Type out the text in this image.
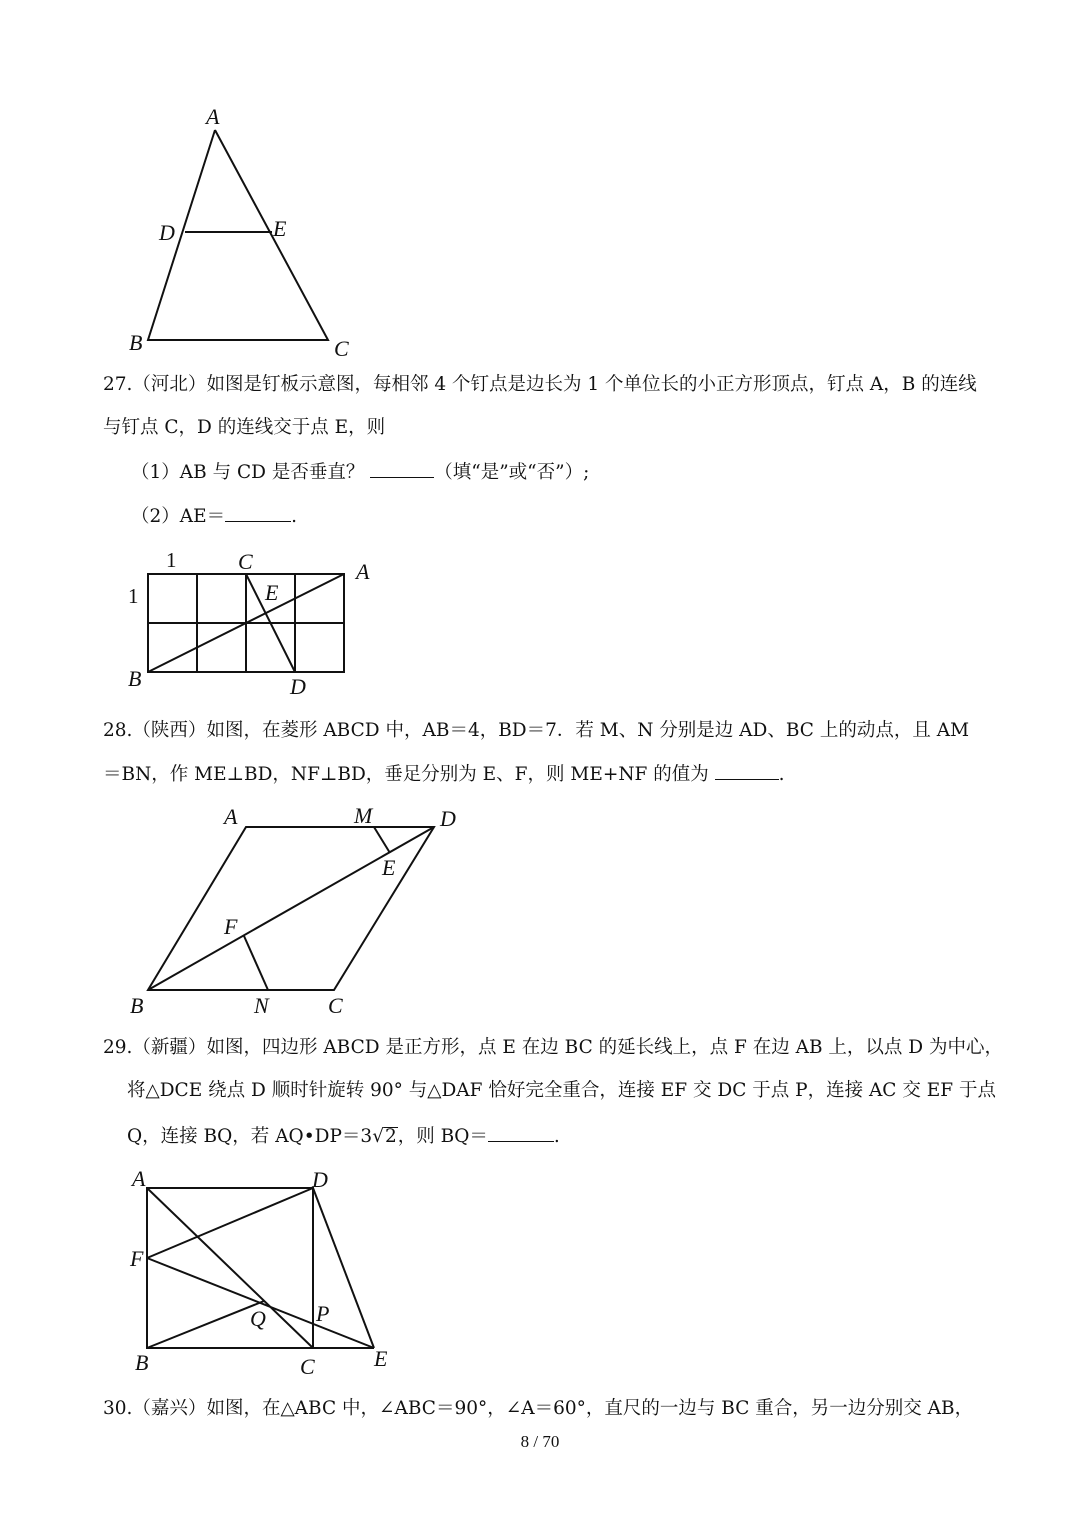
A
D	E
B	C
27.（河北）如图是钉板示意图，每相邻 4 个钉点是边长为 1 个单位长的小正方形顶点，钉点 A，B 的连线
与钉点 C，D 的连线交于点 E，则
（1）AB 与 CD 是否垂直？	（填“是”或“否”）;
（2）AE＝	.
1
1
C	A
E
B	D
28.（陕西）如图，在菱形 ABCD 中，AB＝4，BD＝7．若 M、N 分别是边 AD、BC 上的动点，且 AM
＝BN，作 ME⊥BD，NF⊥BD，垂足分别为 E、F，则 ME+NF 的值为	.
A	M	D
E
F
B	N	C
29.（新疆）如图，四边形 ABCD 是正方形，点 E 在边 BC 的延长线上，点 F 在边 AB 上，以点 D 为中心，
将△DCE 绕点 D 顺时针旋转 90° 与△DAF 恰好完全重合，连接 EF 交 DC 于点 P，连接 AC 交 EF 于点
Q，连接 BQ，若 AQ•DP＝3√2，则 BQ＝	.
A	D
F
Q P
B	C	E
30.（嘉兴）如图，在△ABC 中，∠ABC＝90°，∠A＝60°，直尺的一边与 BC 重合，另一边分别交 AB，
8 / 70
